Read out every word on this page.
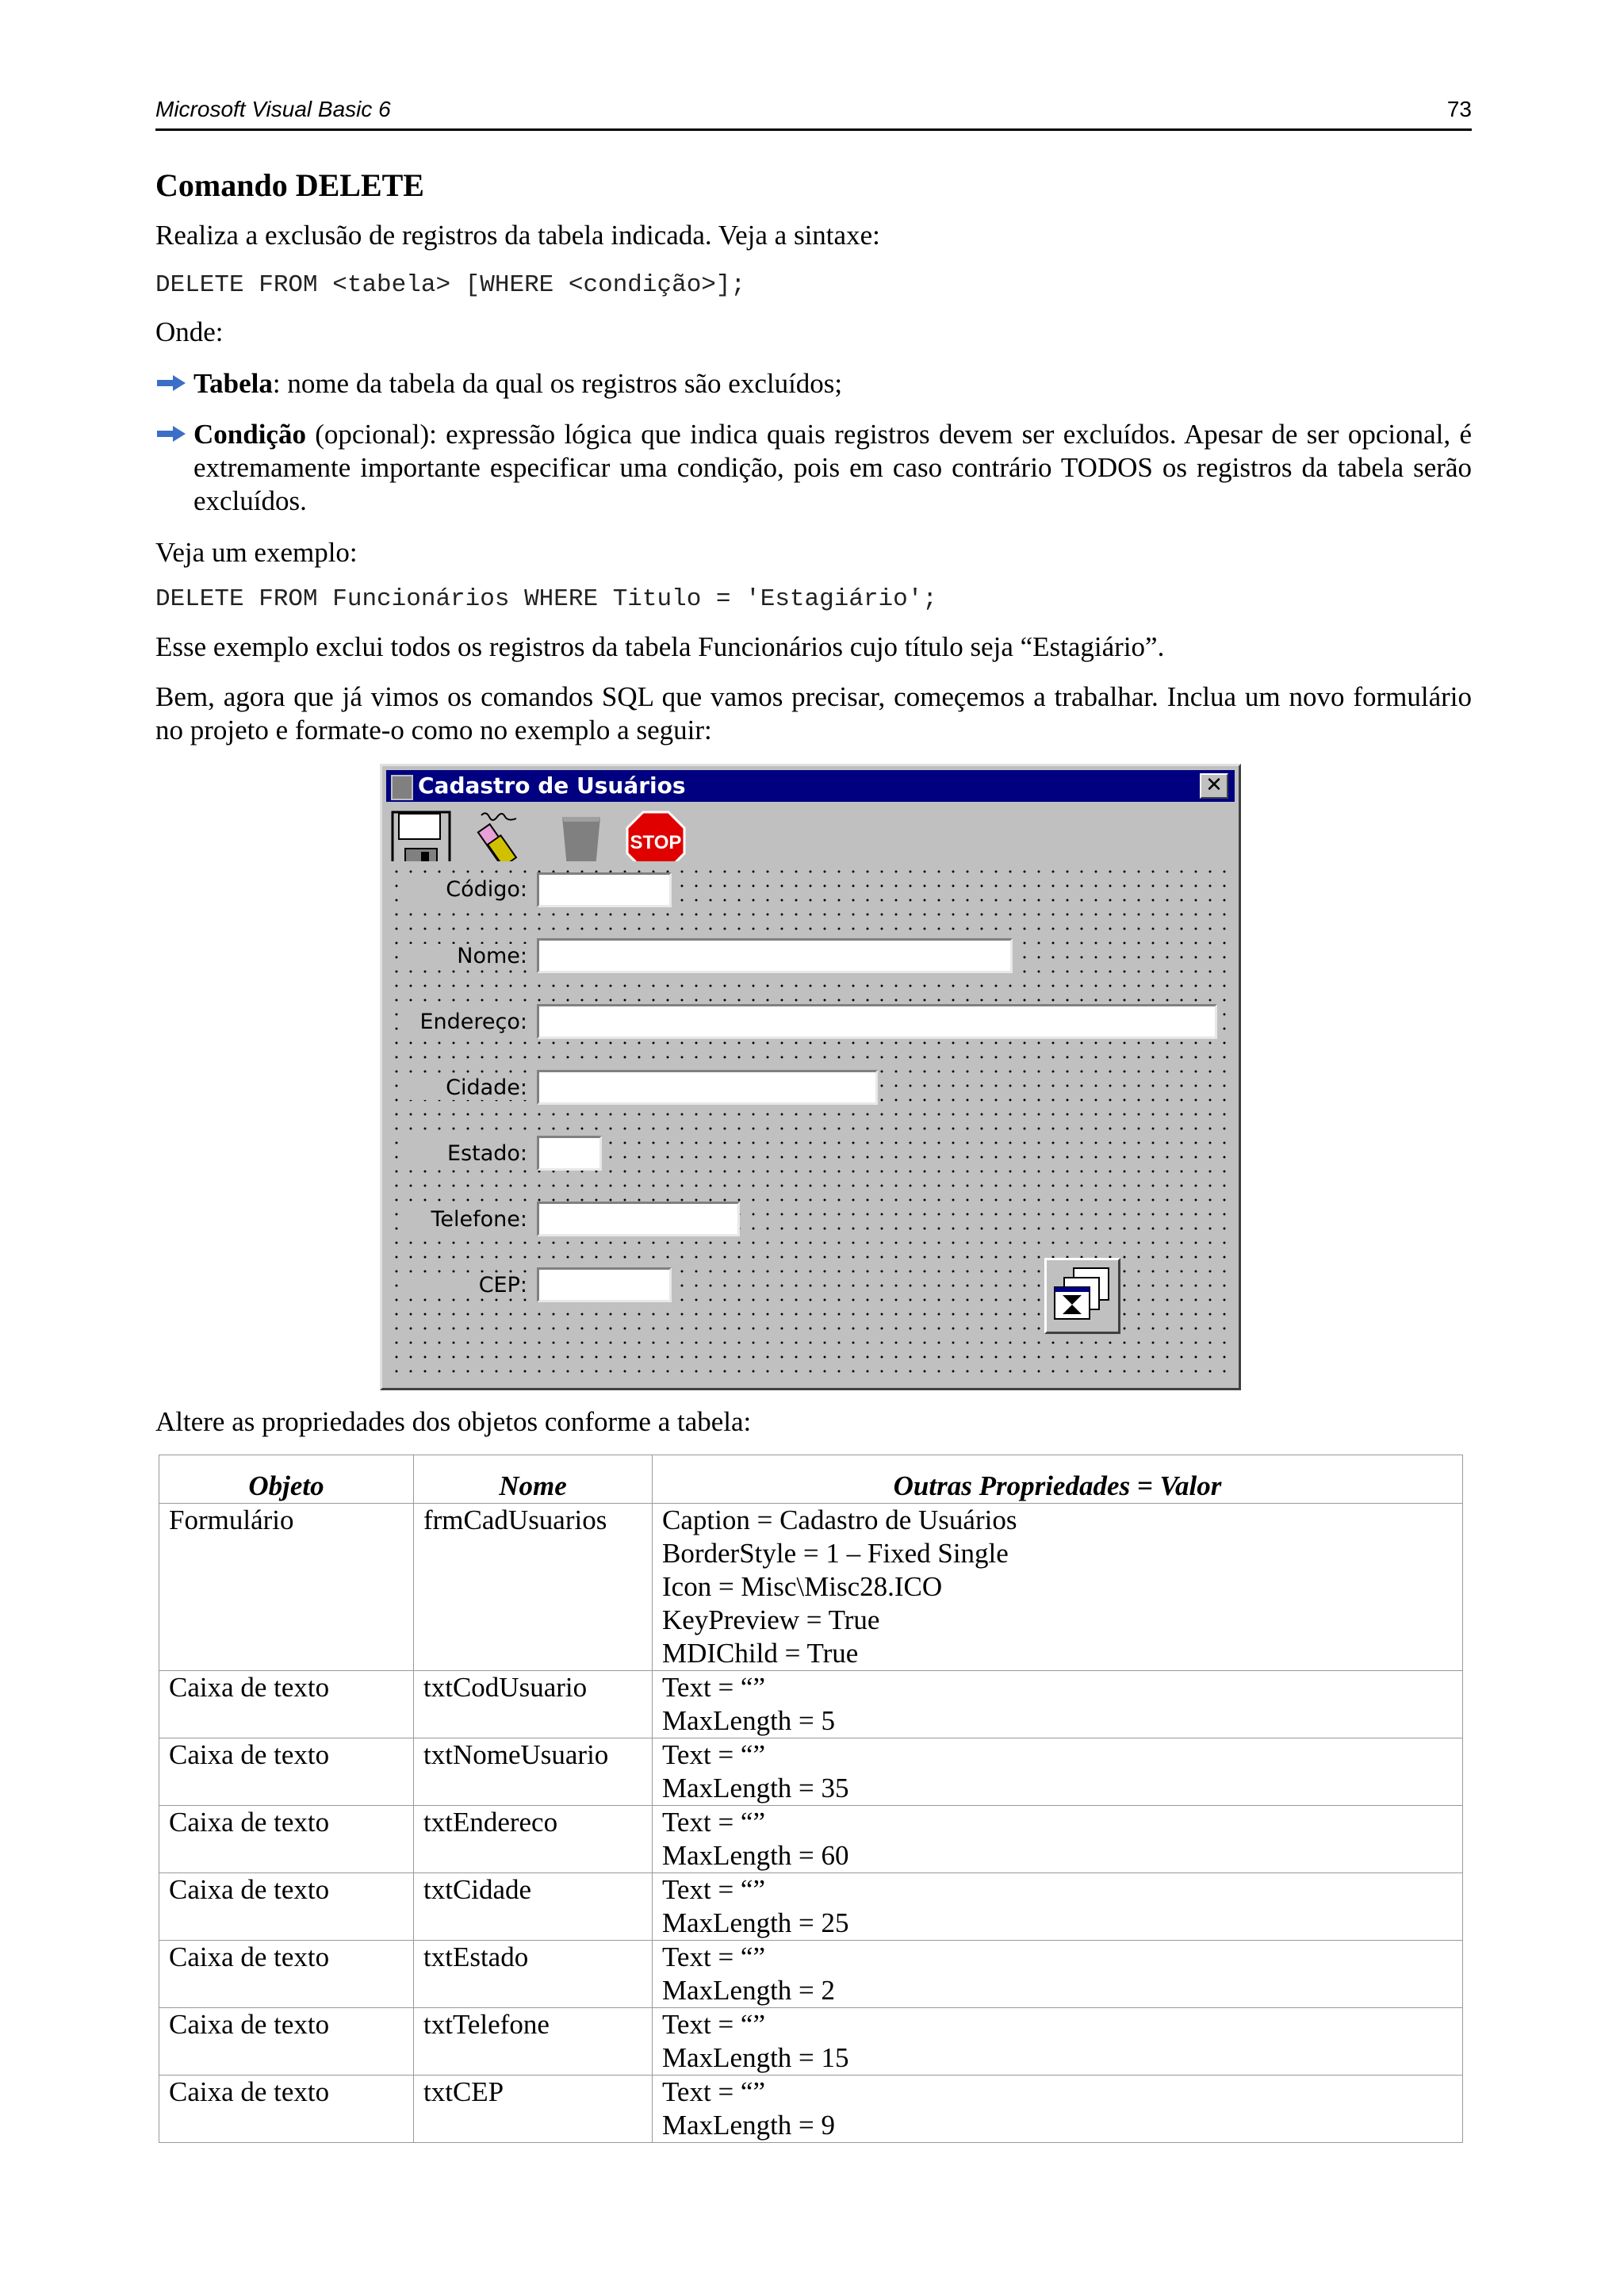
Microsoft Visual Basic 6	73
Comando DELETE
Realiza a exclusão de registros da tabela indicada. Veja a sintaxe:
DELETE FROM <tabela> [WHERE <condição>];
Onde:
Tabela: nome da tabela da qual os registros são excluídos;
Condição (opcional): expressão lógica que indica quais registros devem ser excluídos. Apesar de ser opcional, é extremamente importante especificar uma condição, pois em caso contrário TODOS os registros da tabela serão excluídos.
Veja um exemplo:
DELETE FROM Funcionários WHERE Titulo = 'Estagiário';
Esse exemplo exclui todos os registros da tabela Funcionários cujo título seja “Estagiário”.
Bem, agora que já vimos os comandos SQL que vamos precisar, começemos a trabalhar. Inclua um novo formulário no projeto e formate-o como no exemplo a seguir:
Cadastro de Usuários	✕
STOP
Código:
Nome:
Endereço:
Cidade:
Estado:
Telefone:
CEP:
Altere as propriedades dos objetos conforme a tabela:
Objeto	Nome	Outras Propriedades = Valor
Formulário	frmCadUsuarios	Caption = Cadastro de Usuários
BorderStyle = 1 – Fixed Single
Icon = Misc\Misc28.ICO
KeyPreview = True
MDIChild = True

Caixa de texto	txtCodUsuario	Text = “”
MaxLength = 5

Caixa de texto	txtNomeUsuario	Text = “”
MaxLength = 35

Caixa de texto	txtEndereco	Text = “”
MaxLength = 60

Caixa de texto	txtCidade	Text = “”
MaxLength = 25

Caixa de texto	txtEstado	Text = “”
MaxLength = 2

Caixa de texto	txtTelefone	Text = “”
MaxLength = 15

Caixa de texto	txtCEP	Text = “”
MaxLength = 9
